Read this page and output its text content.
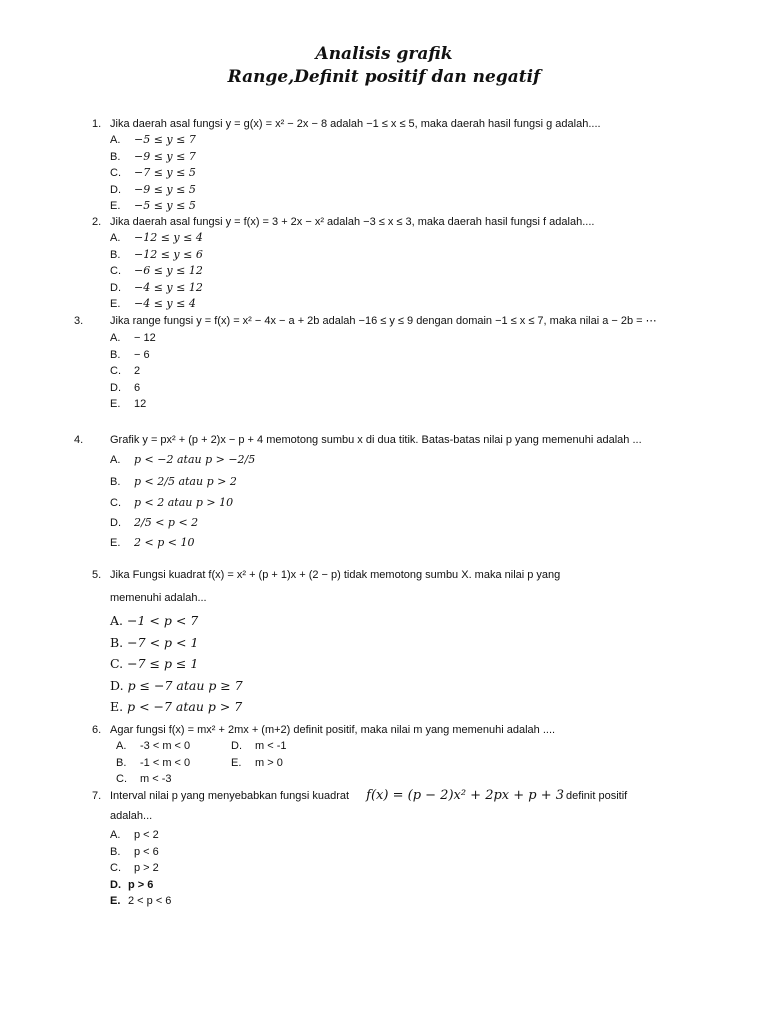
Analisis grafik
Range,Definit positif dan negatif
1. Jika daerah asal fungsi y = g(x) = x² − 2x − 8 adalah −1 ≤ x ≤ 5, maka daerah hasil fungsi g adalah....
A. −5 ≤ y ≤ 7
B. −9 ≤ y ≤ 7
C. −7 ≤ y ≤ 5
D. −9 ≤ y ≤ 5
E. −5 ≤ y ≤ 5
2. Jika daerah asal fungsi y = f(x) = 3 + 2x − x² adalah −3 ≤ x ≤ 3, maka daerah hasil fungsi f adalah....
A. −12 ≤ y ≤ 4
B. −12 ≤ y ≤ 6
C. −6 ≤ y ≤ 12
D. −4 ≤ y ≤ 12
E. −4 ≤ y ≤ 4
3. Jika range fungsi y = f(x) = x² − 4x − a + 2b adalah −16 ≤ y ≤ 9 dengan domain −1 ≤ x ≤ 7, maka nilai a − 2b = ⋯
A. − 12
B. − 6
C. 2
D. 6
E. 12
4. Grafik y = px² + (p + 2)x − p + 4 memotong sumbu x di dua titik. Batas-batas nilai p yang memenuhi adalah ...
A. p < −2 atau p > −2/5
B. p < 2/5 atau p > 2
C. p < 2 atau p > 10
D. 2/5 < p < 2
E. 2 < p < 10
5. Jika Fungsi kuadrat f(x) = x² + (p + 1)x + (2 − p) tidak memotong sumbu X. maka nilai p yang
memenuhi adalah...
A. −1 < p < 7
B. −7 < p < 1
C. −7 ≤ p ≤ 1
D. p ≤ −7 atau p ≥ 7
E. p < −7 atau p > 7
6. Agar fungsi f(x) = mx² + 2mx + (m+2) definit positif, maka nilai m yang memenuhi adalah ....
A. -3 < m < 0	D. m < -1
B. -1 < m < 0	E. m > 0
C. m < -3
7. Interval nilai p yang menyebabkan fungsi kuadrat f(x) = (p − 2)x² + 2px + p + 3 definit positif
adalah...
A. p < 2
B. p < 6
C. p > 2
D. p > 6
E. 2 < p < 6
